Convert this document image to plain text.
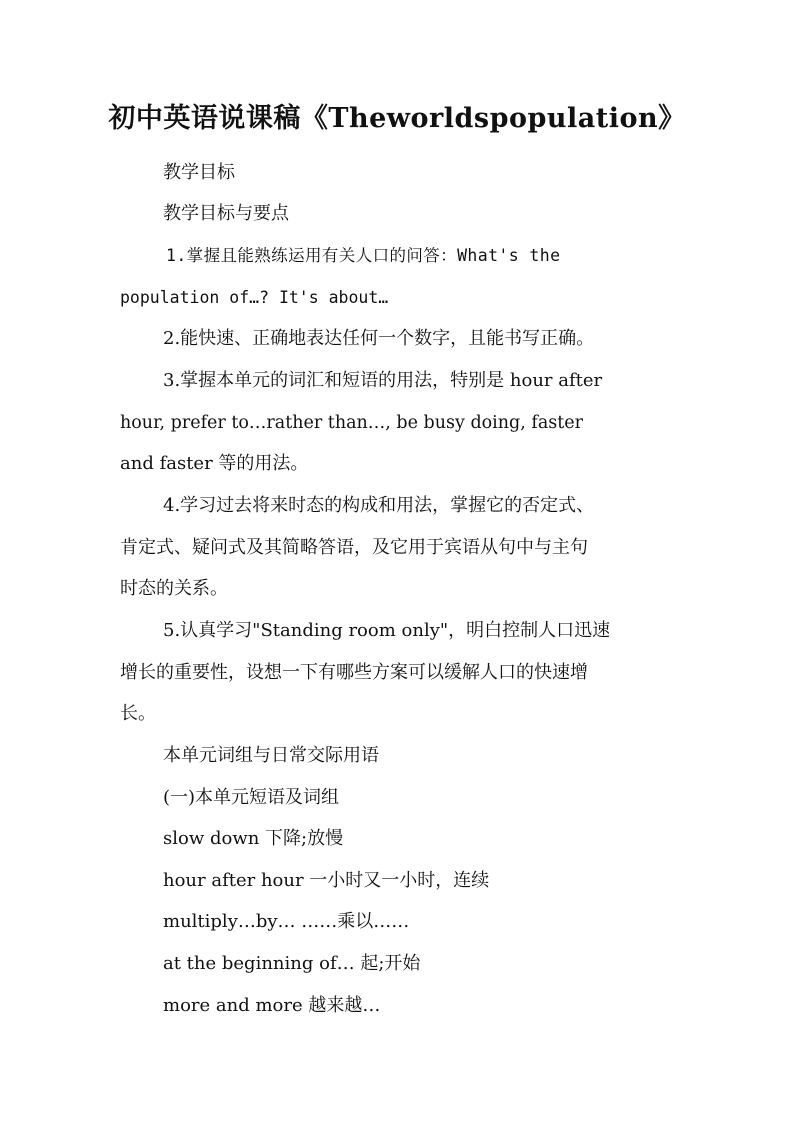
初中英语说课稿《Theworldspopulation》
教学目标
教学目标与要点
1.掌握且能熟练运用有关人口的问答：What's the
population of…? It's about…
2.能快速、正确地表达任何一个数字，且能书写正确。
3.掌握本单元的词汇和短语的用法，特别是 hour after
hour, prefer to…rather than…, be busy doing, faster
and faster 等的用法。
4.学习过去将来时态的构成和用法，掌握它的否定式、
肯定式、疑问式及其简略答语，及它用于宾语从句中与主句
时态的关系。
5.认真学习"Standing room only"，明白控制人口迅速
增长的重要性，设想一下有哪些方案可以缓解人口的快速增
长。
本单元词组与日常交际用语
(一)本单元短语及词组
slow down 下降;放慢
hour after hour 一小时又一小时，连续
multiply…by… ……乘以……
at the beginning of… 起;开始
more and more 越来越…
